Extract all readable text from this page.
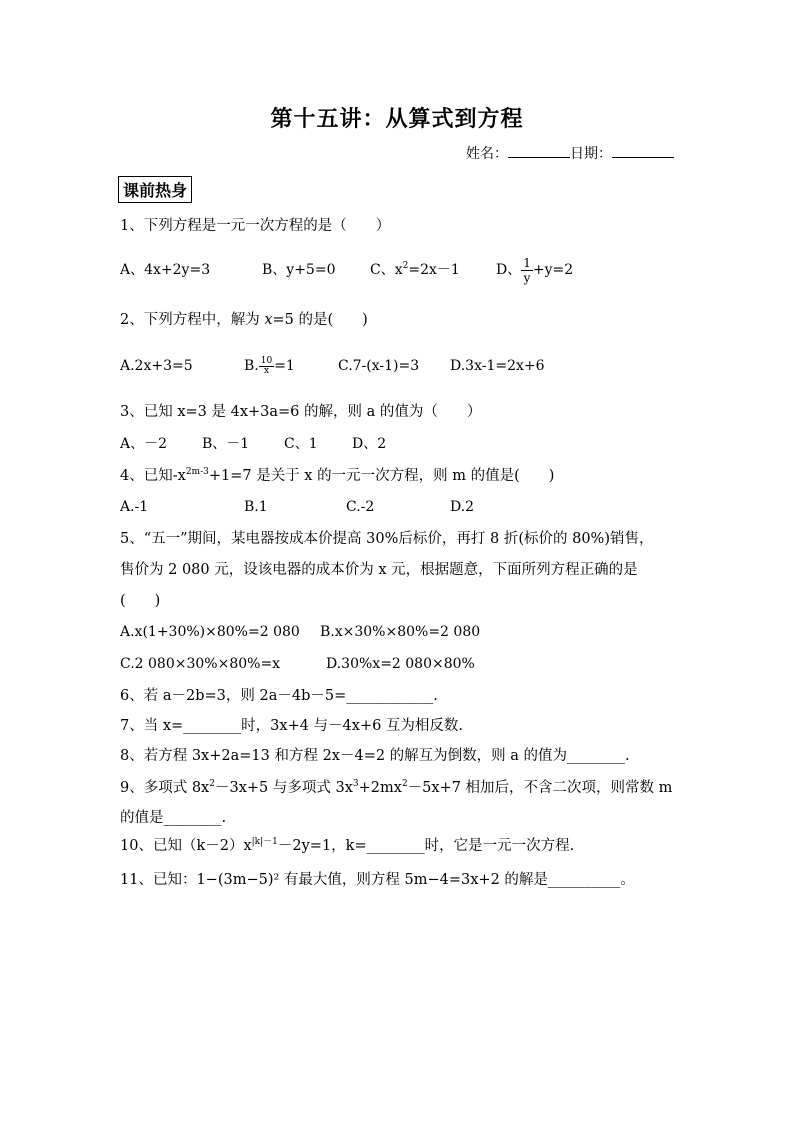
第十五讲：从算式到方程
姓名：	日期：
课前热身
1、下列方程是一元一次方程的是（　　）
A、4x+2y=3	B、y+5=0 C、$x^2=2x-1$	D、 $\frac{1}{y} +y=2$
2、下列方程中，解为 x=5 的是(　　)
A.2x+3=5	B. $\frac{10}{x} =1$	C.7-(x-1)=3 D.3x-1=2x+6
3、已知 x=3 是 4x+3a=6 的解，则 a 的值为（　　）
A、－2 B、－1 C、1 D、2
4、已知$-x^{2m-3}+1=7$ 是关于 x 的一元一次方程，则 m 的值是(　　)
A.-1	B.1	C.-2	D.2
5、“五一”期间，某电器按成本价提高 30%后标价，再打 8 折(标价的 80%)销售，
售价为 2 080 元，设该电器的成本价为 x 元，根据题意，下面所列方程正确的是
(　　)
A.x(1+30%)×80%=2 080 B.x×30%×80%=2 080
C.2 080×30%×80%=x	D.30%x=2 080×80%
6、若 a－2b=3，则 2a－4b－5=____________.
7、当 x=________时，3x+4 与－4x+6 互为相反数.
8、若方程 3x+2a=13 和方程 2x－4=2 的解互为倒数，则 a 的值为________.
9、多项式 $8x^2-3x+5$ 与多项式 $3x^3+2mx^2-5x+7$ 相加后，不含二次项，则常数 m
的值是________.
10、已知$(k-2)x^{|k|-1}-2y=1$，k=________时，它是一元一次方程.
11、已知：1−(3m−5)² 有最大值，则方程 5m−4=3x+2 的解是__________。
